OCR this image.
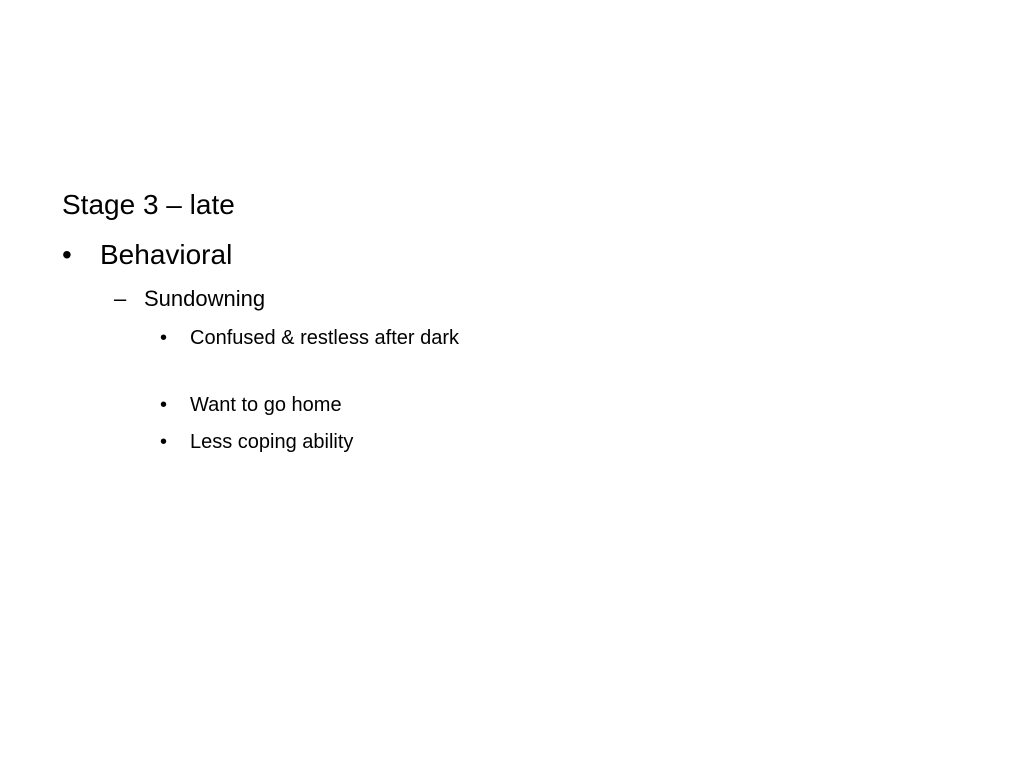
Stage 3 – late
•	Behavioral
– Sundowning
•	Confused & restless after dark
•	Want to go home
•	Less coping ability
